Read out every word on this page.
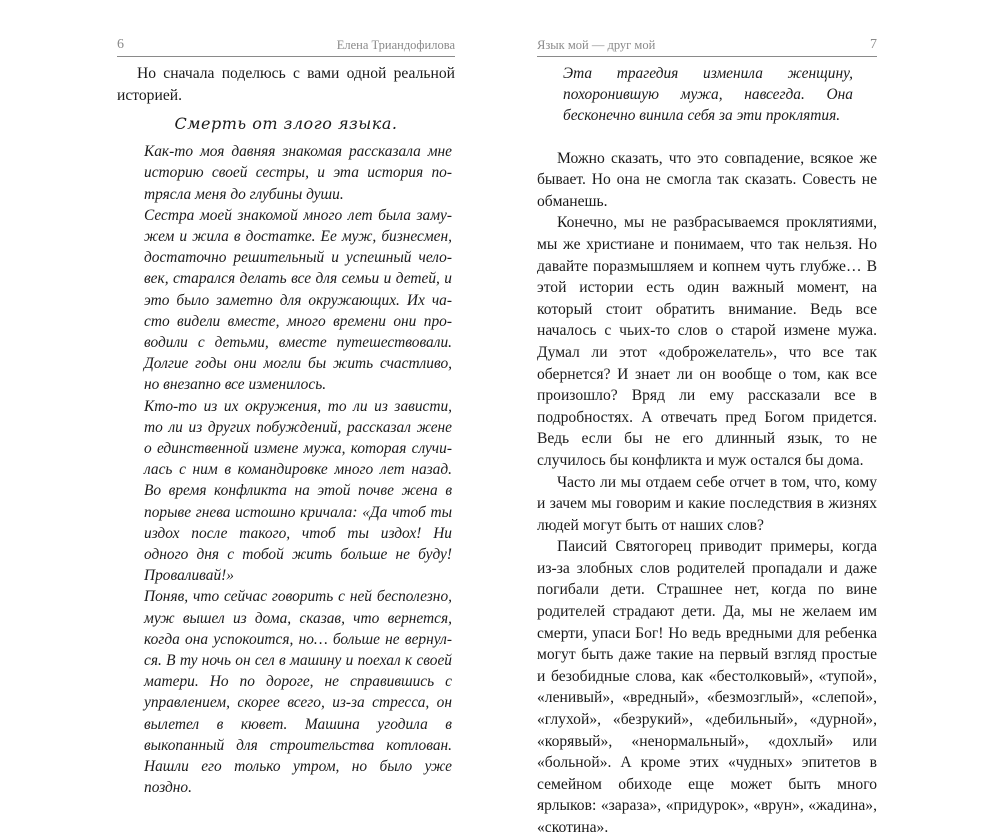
6	Елена Триандофилова

Но сначала поделюсь с вами одной реальной историей.

Смерть от злого языка.

Как-то моя давняя знакомая рассказала мне историю своей сестры, и эта история потрясла меня до глубины души.

Сестра моей знакомой много лет была замужем и жила в достатке. Ее муж, бизнесмен, достаточно решительный и успешный человек, старался делать все для семьи и детей, и это было заметно для окружающих. Их часто видели вместе, много времени они проводили с детьми, вместе путешествовали. Долгие годы они могли бы жить счастливо, но внезапно все изменилось.

Кто-то из их окружения, то ли из зависти, то ли из других побуждений, рассказал жене о единственной измене мужа, которая случилась с ним в командировке много лет назад. Во время конфликта на этой почве жена в порыве гнева истошно кричала: «Да чтоб ты издох после такого, чтоб ты издох! Ни одного дня с тобой жить больше не буду! Проваливай!»

Поняв, что сейчас говорить с ней бесполезно, муж вышел из дома, сказав, что вернется, когда она успокоится, но… больше не вернулся. В ту ночь он сел в машину и поехал к своей матери. Но по дороге, не справившись с управлением, скорее всего, из-за стресса, он вылетел в кювет. Машина угодила в выкопанный для строительства котлован. Нашли его только утром, но было уже поздно.

Язык мой — друг мой	7

Эта трагедия изменила женщину, похоронившую мужа, навсегда. Она бесконечно винила себя за эти проклятия.

Можно сказать, что это совпадение, всякое же бывает. Но она не смогла так сказать. Совесть не обманешь.

Конечно, мы не разбрасываемся проклятиями, мы же христиане и понимаем, что так нельзя. Но давайте поразмышляем и копнем чуть глубже… В этой истории есть один важный момент, на который стоит обратить внимание. Ведь все началось с чьих-то слов о старой измене мужа. Думал ли этот «доброжелатель», что все так обернется? И знает ли он вообще о том, как все произошло? Вряд ли ему рассказали все в подробностях. А отвечать пред Богом придется. Ведь если бы не его длинный язык, то не случилось бы конфликта и муж остался бы дома.

Часто ли мы отдаем себе отчет в том, что, кому и зачем мы говорим и какие последствия в жизнях людей могут быть от наших слов?

Паисий Святогорец приводит примеры, когда из-за злобных слов родителей пропадали и даже погибали дети. Страшнее нет, когда по вине родителей страдают дети. Да, мы не желаем им смерти, упаси Бог! Но ведь вредными для ребенка могут быть даже такие на первый взгляд простые и безобидные слова, как «бестолковый», «тупой», «ленивый», «вредный», «безмозглый», «слепой», «глухой», «безрукий», «дебильный», «дурной», «корявый», «ненормальный», «дохлый» или «больной». А кроме этих «чудных» эпитетов в семейном обиходе еще может быть много ярлыков: «зараза», «придурок», «врун», «жадина», «скотина».
